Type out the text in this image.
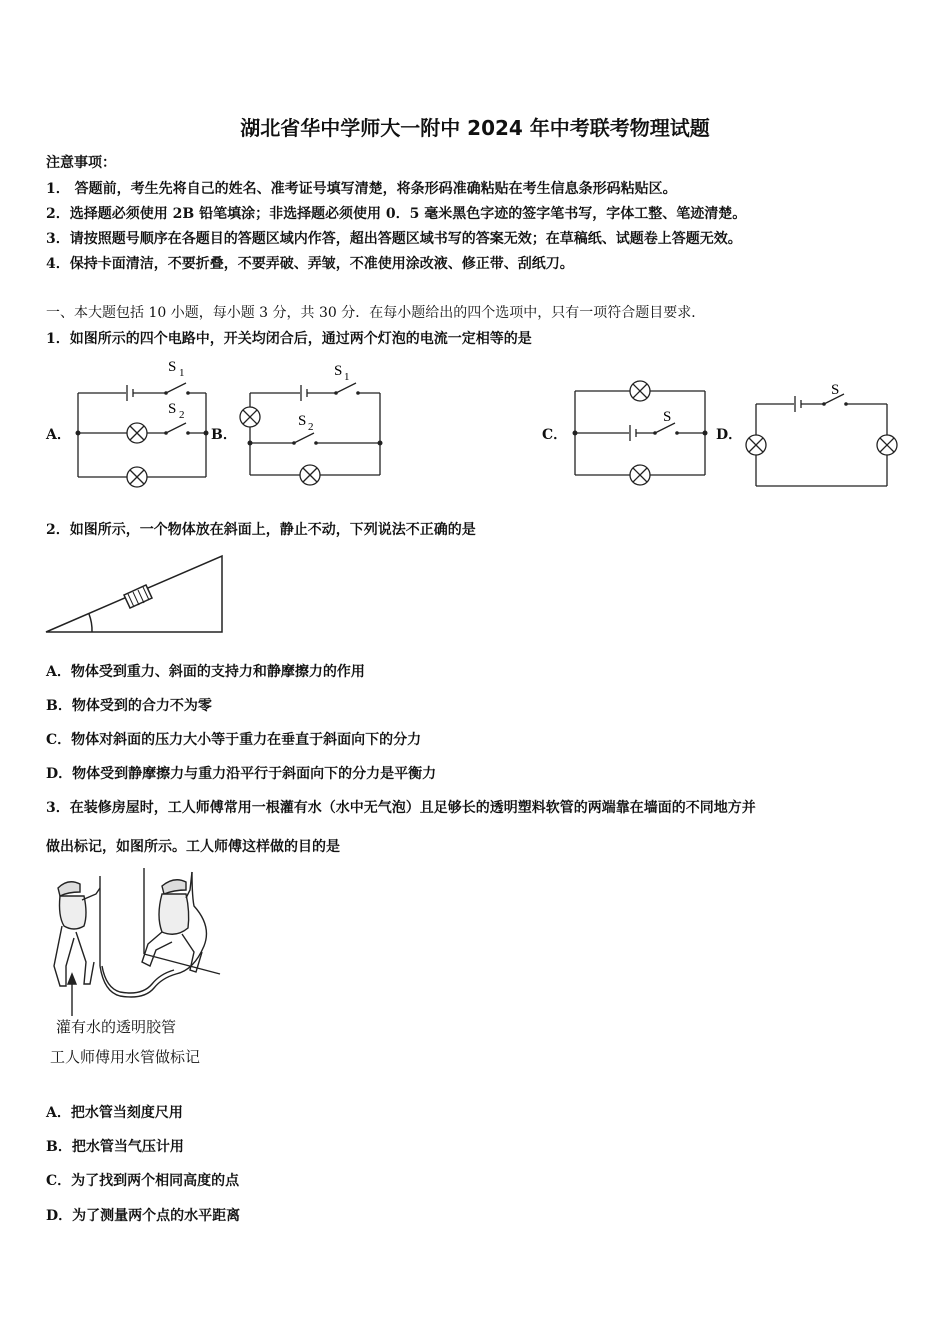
湖北省华中学师大一附中 2024 年中考联考物理试题
注意事项：
1． 答题前，考生先将自己的姓名、准考证号填写清楚，将条形码准确粘贴在考生信息条形码粘贴区。
2．选择题必须使用 2B 铅笔填涂；非选择题必须使用 0．5 毫米黑色字迹的签字笔书写，字体工整、笔迹清楚。
3．请按照题号顺序在各题目的答题区域内作答，超出答题区域书写的答案无效；在草稿纸、试题卷上答题无效。
4．保持卡面清洁，不要折叠，不要弄破、弄皱，不准使用涂改液、修正带、刮纸刀。
一、本大题包括 10 小题，每小题 3 分，共 30 分．在每小题给出的四个选项中，只有一项符合题目要求．
1．如图所示的四个电路中，开关均闭合后，通过两个灯泡的电流一定相等的是
A．	B．	C．	D．
S 1
S 2
S 1
S 2
S
S
2．如图所示，一个物体放在斜面上，静止不动，下列说法不正确的是
A．物体受到重力、斜面的支持力和静摩擦力的作用
B．物体受到的合力不为零
C．物体对斜面的压力大小等于重力在垂直于斜面向下的分力
D．物体受到静摩擦力与重力沿平行于斜面向下的分力是平衡力
3．在装修房屋时，工人师傅常用一根灌有水（水中无气泡）且足够长的透明塑料软管的两端靠在墙面的不同地方并
做出标记，如图所示。工人师傅这样做的目的是
灌有水的透明胶管
工人师傅用水管做标记
A．把水管当刻度尺用
B．把水管当气压计用
C．为了找到两个相同高度的点
D．为了测量两个点的水平距离
